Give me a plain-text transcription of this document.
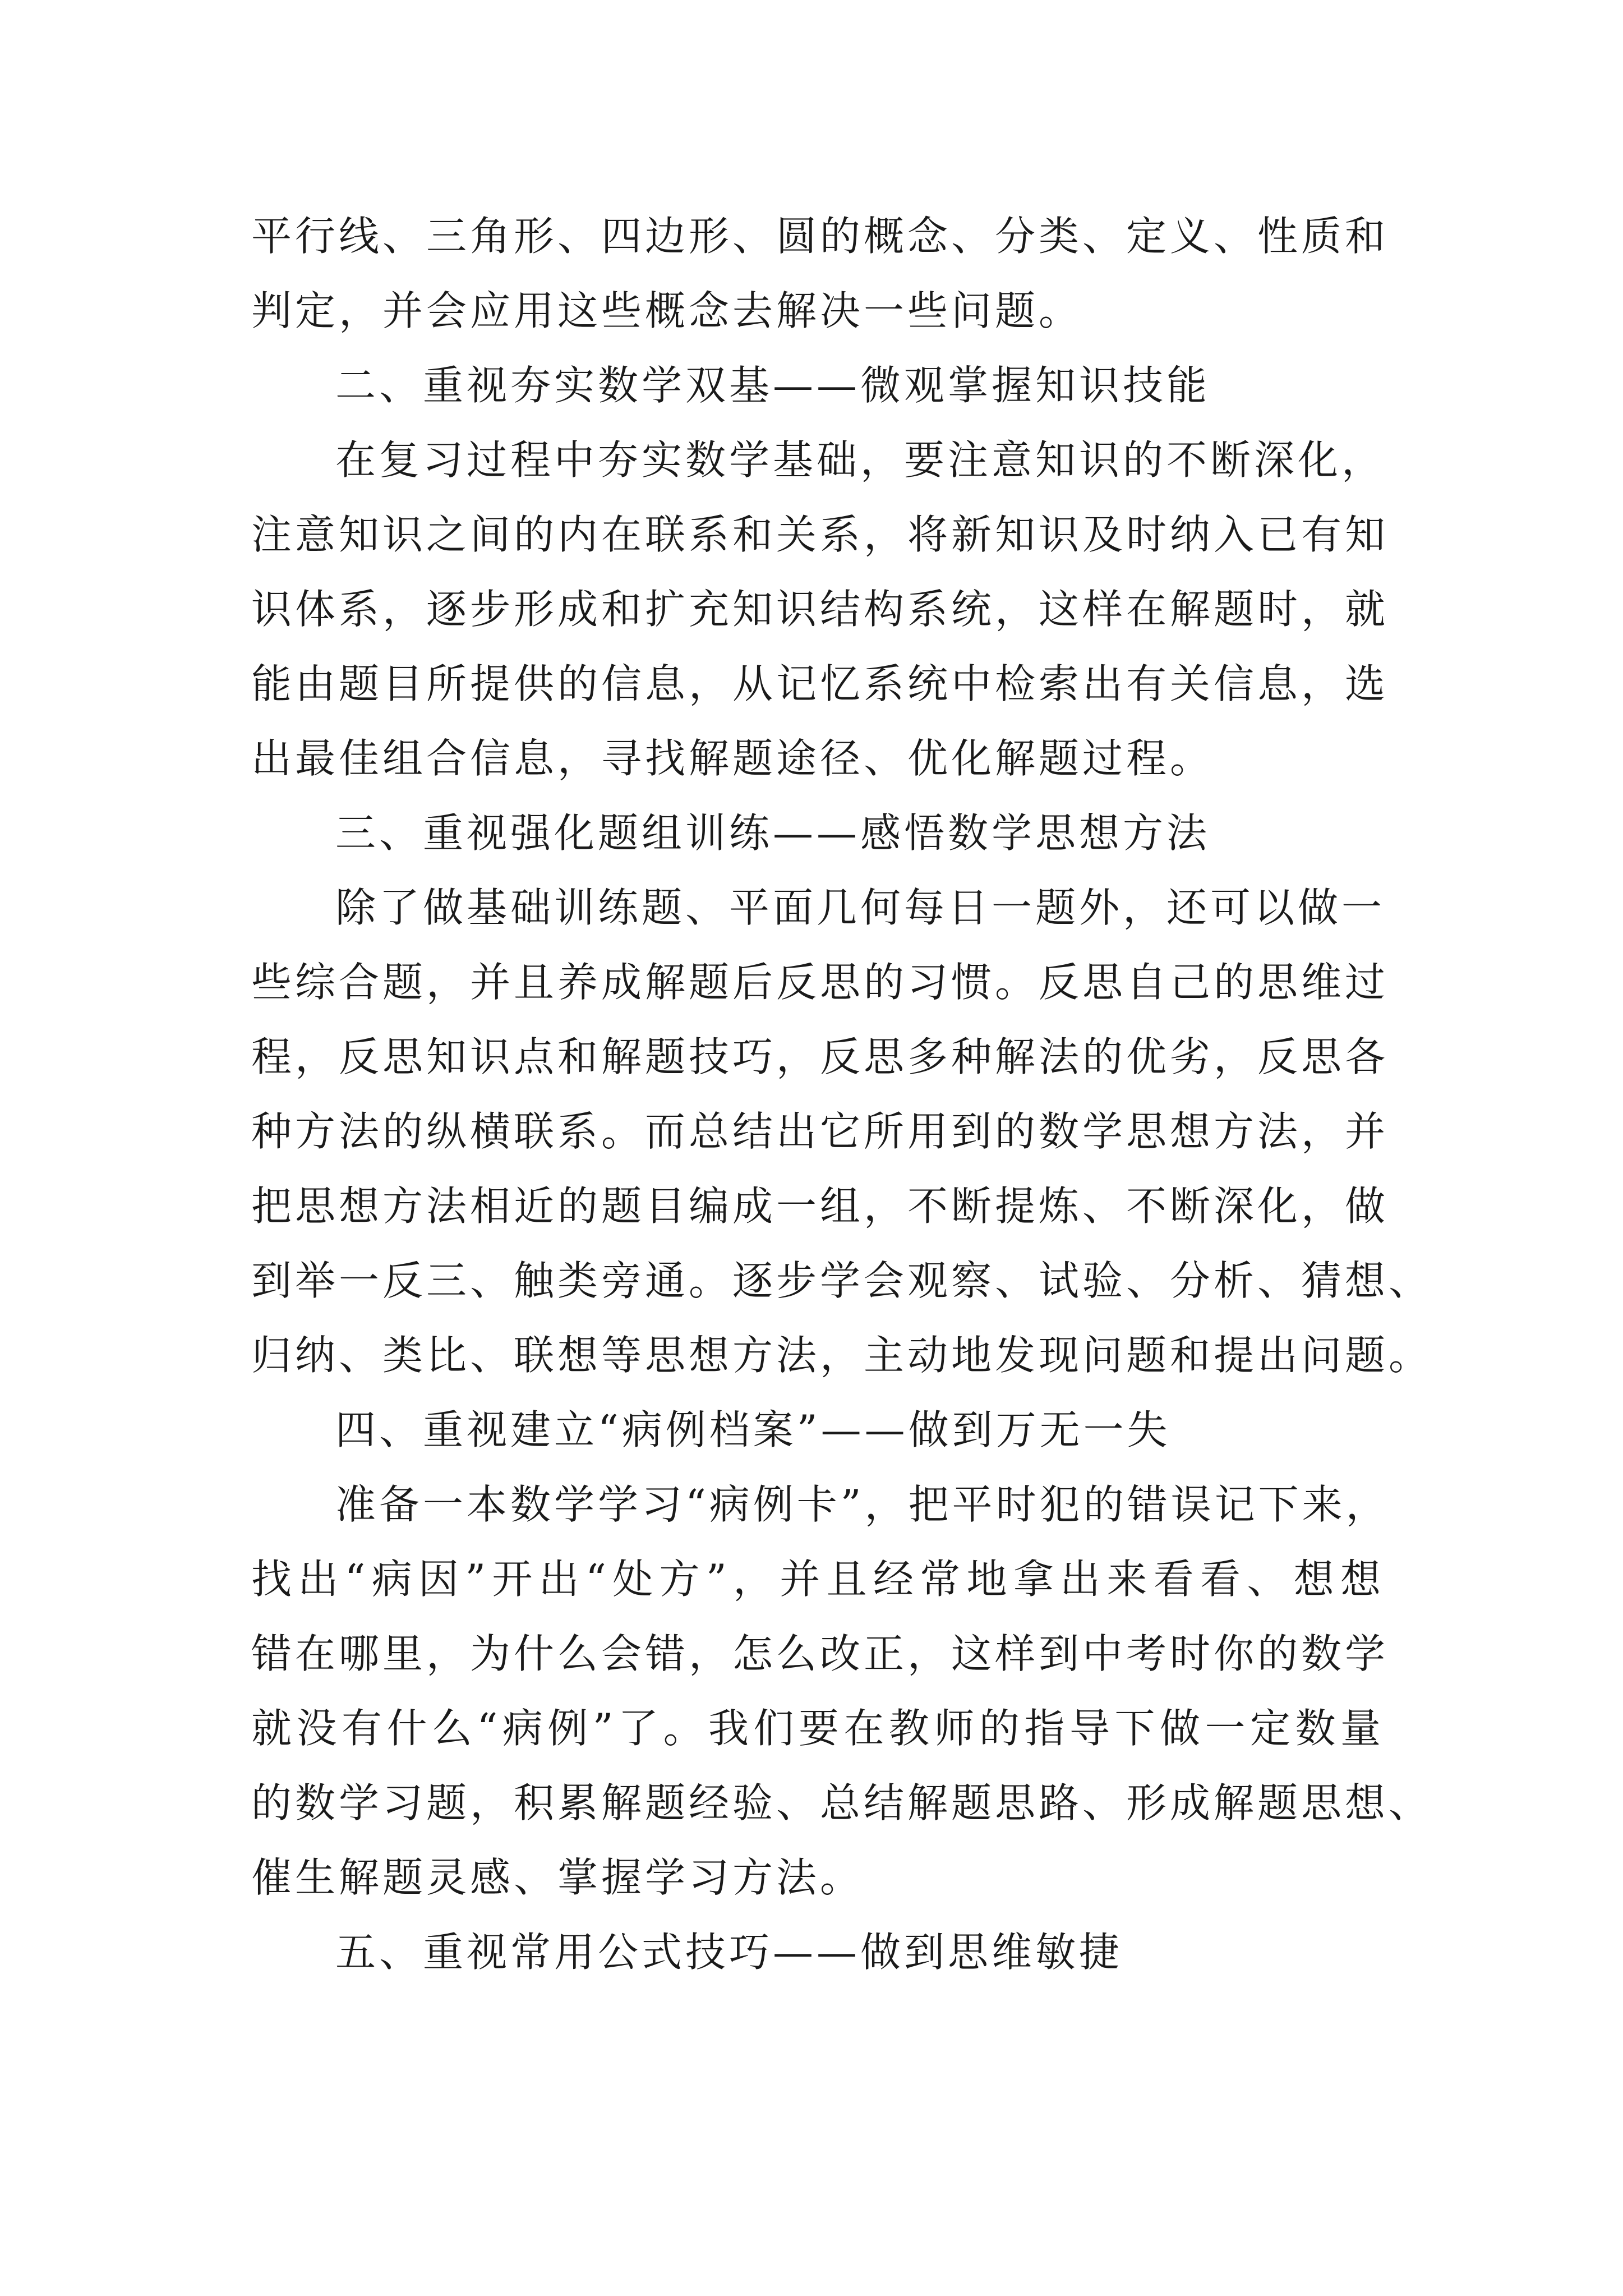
平行线、三角形、四边形、圆的概念、分类、定义、性质和
判定，并会应用这些概念去解决一些问题。
二、重视夯实数学双基——微观掌握知识技能
在复习过程中夯实数学基础，要注意知识的不断深化，
注意知识之间的内在联系和关系，将新知识及时纳入已有知
识体系，逐步形成和扩充知识结构系统，这样在解题时，就
能由题目所提供的信息，从记忆系统中检索出有关信息，选
出最佳组合信息，寻找解题途径、优化解题过程。
三、重视强化题组训练——感悟数学思想方法
除了做基础训练题、平面几何每日一题外，还可以做一
些综合题，并且养成解题后反思的习惯。反思自己的思维过
程，反思知识点和解题技巧，反思多种解法的优劣，反思各
种方法的纵横联系。而总结出它所用到的数学思想方法，并
把思想方法相近的题目编成一组，不断提炼、不断深化，做
到举一反三、触类旁通。逐步学会观察、试验、分析、猜想、
归纳、类比、联想等思想方法，主动地发现问题和提出问题。
四、重视建立“病例档案”——做到万无一失
准备一本数学学习“病例卡”，把平时犯的错误记下来，
找出“病因”开出“处方”，并且经常地拿出来看看、想想
错在哪里，为什么会错，怎么改正，这样到中考时你的数学
就没有什么“病例”了。我们要在教师的指导下做一定数量
的数学习题，积累解题经验、总结解题思路、形成解题思想、
催生解题灵感、掌握学习方法。
五、重视常用公式技巧——做到思维敏捷
